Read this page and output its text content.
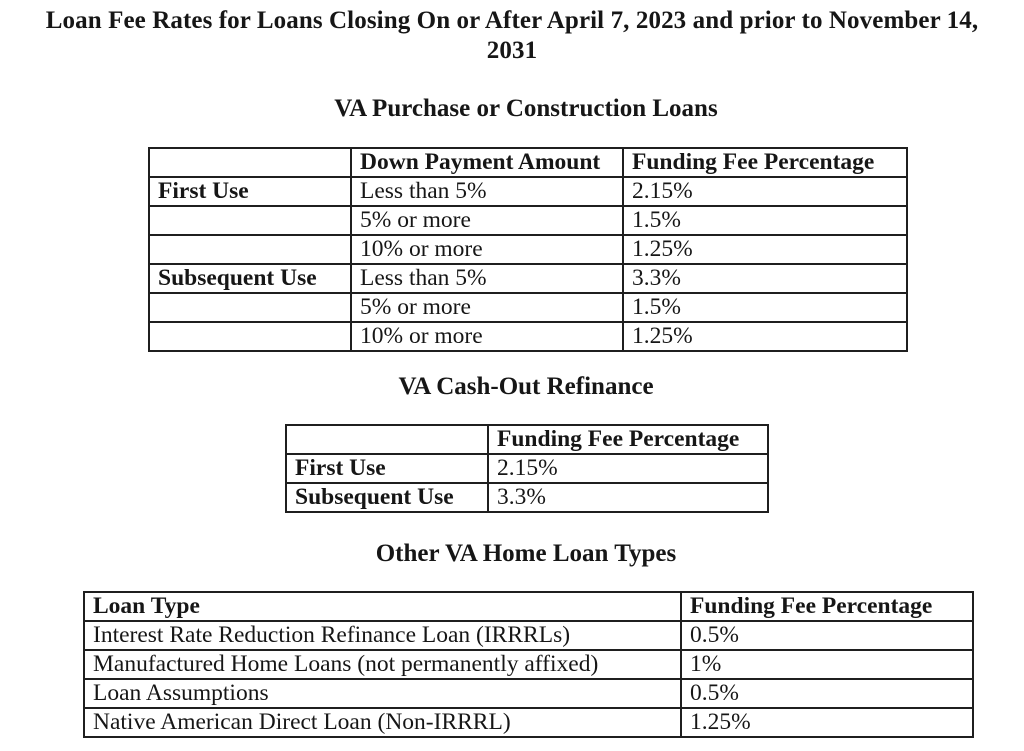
Loan Fee Rates for Loans Closing On or After April 7, 2023 and prior to November 14, 2031
VA Purchase or Construction Loans
	Down Payment Amount	Funding Fee Percentage
First Use	Less than 5%	2.15%
	5% or more	1.5%
	10% or more	1.25%
Subsequent Use	Less than 5%	3.3%
	5% or more	1.5%
	10% or more	1.25%
VA Cash-Out Refinance
	Funding Fee Percentage
First Use	2.15%
Subsequent Use	3.3%
Other VA Home Loan Types
Loan Type	Funding Fee Percentage
Interest Rate Reduction Refinance Loan (IRRRLs)	0.5%
Manufactured Home Loans (not permanently affixed)	1%
Loan Assumptions	0.5%
Native American Direct Loan (Non-IRRRL)	1.25%
